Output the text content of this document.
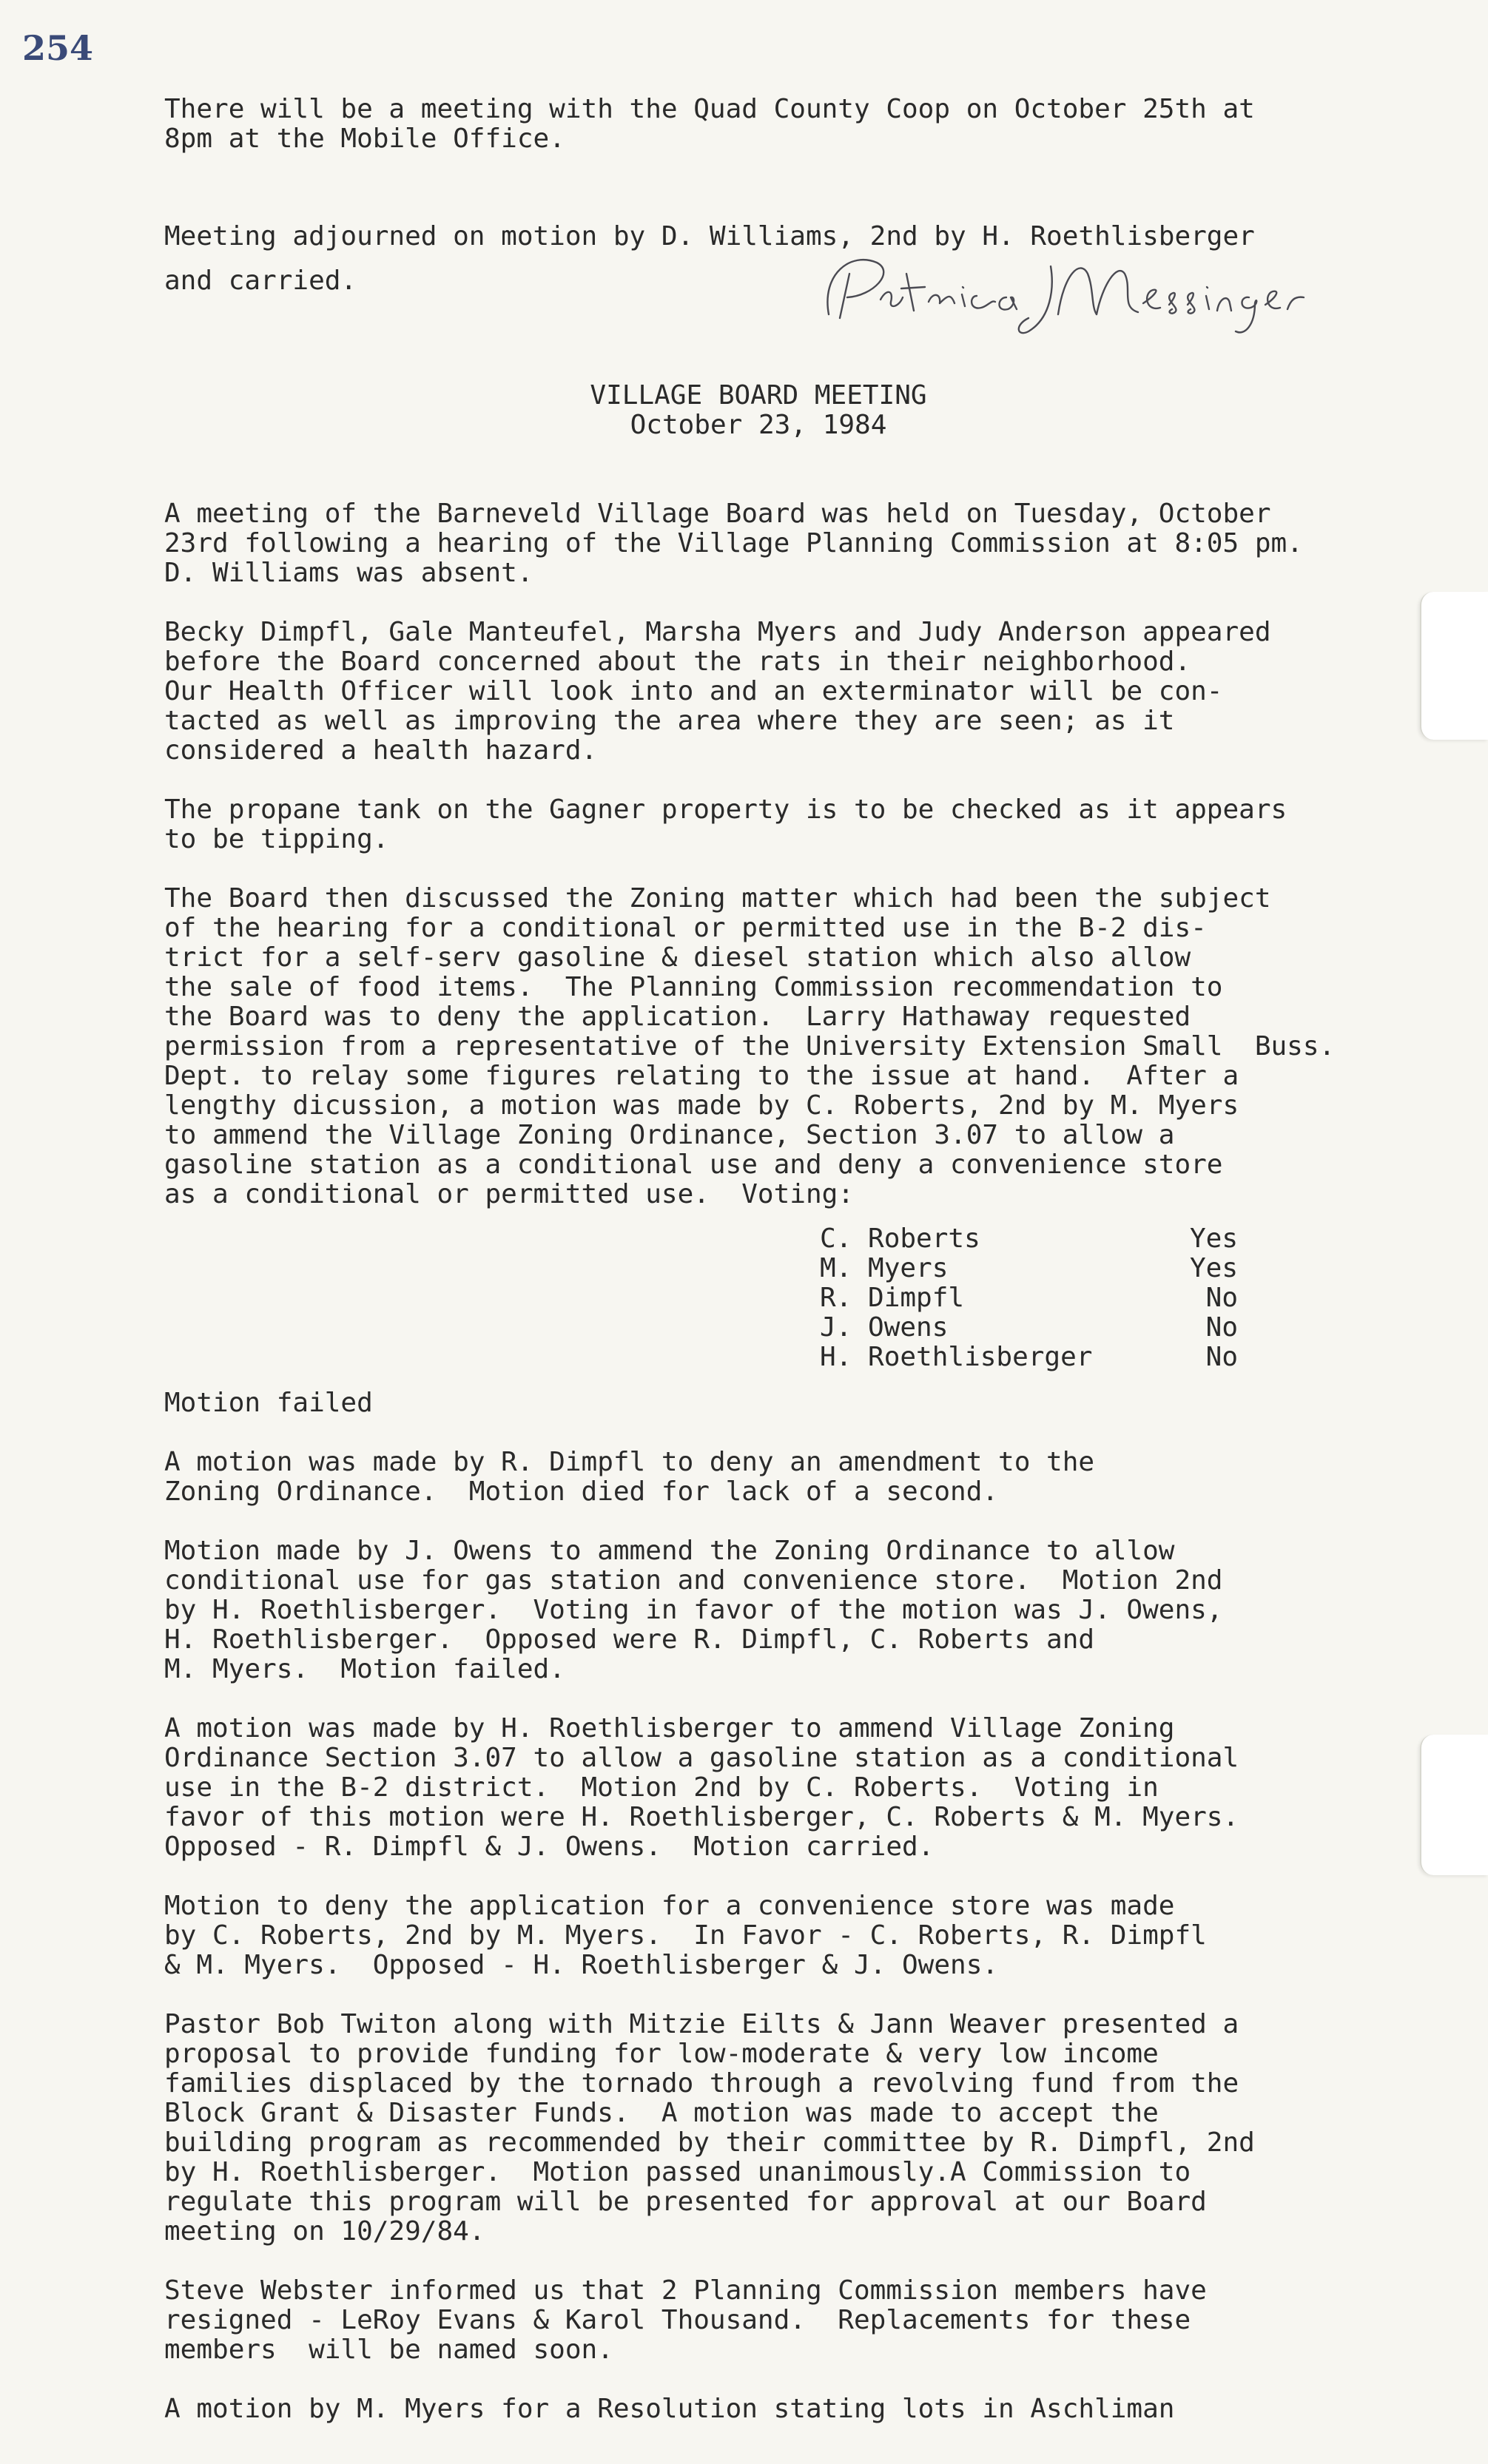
254

There will be a meeting with the Quad County Coop on October 25th at
8pm at the Mobile Office.

Meeting adjourned on motion by D. Williams, 2nd by H. Roethlisberger
and carried.

VILLAGE BOARD MEETING
October 23, 1984

A meeting of the Barneveld Village Board was held on Tuesday, October
23rd following a hearing of the Village Planning Commission at 8:05 pm.
D. Williams was absent.

Becky Dimpfl, Gale Manteufel, Marsha Myers and Judy Anderson appeared
before the Board concerned about the rats in their neighborhood.
Our Health Officer will look into and an exterminator will be con-
tacted as well as improving the area where they are seen; as it
considered a health hazard.

The propane tank on the Gagner property is to be checked as it appears
to be tipping.

The Board then discussed the Zoning matter which had been the subject
of the hearing for a conditional or permitted use in the B-2 dis-
trict for a self-serv gasoline & diesel station which also allow
the sale of food items.  The Planning Commission recommendation to
the Board was to deny the application.  Larry Hathaway requested
permission from a representative of the University Extension Small  Buss.
Dept. to relay some figures relating to the issue at hand.  After a
lengthy dicussion, a motion was made by C. Roberts, 2nd by M. Myers
to ammend the Village Zoning Ordinance, Section 3.07 to allow a
gasoline station as a conditional use and deny a convenience store
as a conditional or permitted use.  Voting:

C. Roberts	Yes
M. Myers	Yes
R. Dimpfl	No
J. Owens	No
H. Roethlisberger	No

Motion failed

A motion was made by R. Dimpfl to deny an amendment to the
Zoning Ordinance.  Motion died for lack of a second.

Motion made by J. Owens to ammend the Zoning Ordinance to allow
conditional use for gas station and convenience store.  Motion 2nd
by H. Roethlisberger.  Voting in favor of the motion was J. Owens,
H. Roethlisberger.  Opposed were R. Dimpfl, C. Roberts and
M. Myers.  Motion failed.

A motion was made by H. Roethlisberger to ammend Village Zoning
Ordinance Section 3.07 to allow a gasoline station as a conditional
use in the B-2 district.  Motion 2nd by C. Roberts.  Voting in
favor of this motion were H. Roethlisberger, C. Roberts & M. Myers.
Opposed - R. Dimpfl & J. Owens.  Motion carried.

Motion to deny the application for a convenience store was made
by C. Roberts, 2nd by M. Myers.  In Favor - C. Roberts, R. Dimpfl
& M. Myers.  Opposed - H. Roethlisberger & J. Owens.

Pastor Bob Twiton along with Mitzie Eilts & Jann Weaver presented a
proposal to provide funding for low-moderate & very low income
families displaced by the tornado through a revolving fund from the
Block Grant & Disaster Funds.  A motion was made to accept the
building program as recommended by their committee by R. Dimpfl, 2nd
by H. Roethlisberger.  Motion passed unanimously.A Commission to
regulate this program will be presented for approval at our Board
meeting on 10/29/84.

Steve Webster informed us that 2 Planning Commission members have
resigned - LeRoy Evans & Karol Thousand.  Replacements for these
members  will be named soon.

A motion by M. Myers for a Resolution stating lots in Aschliman
